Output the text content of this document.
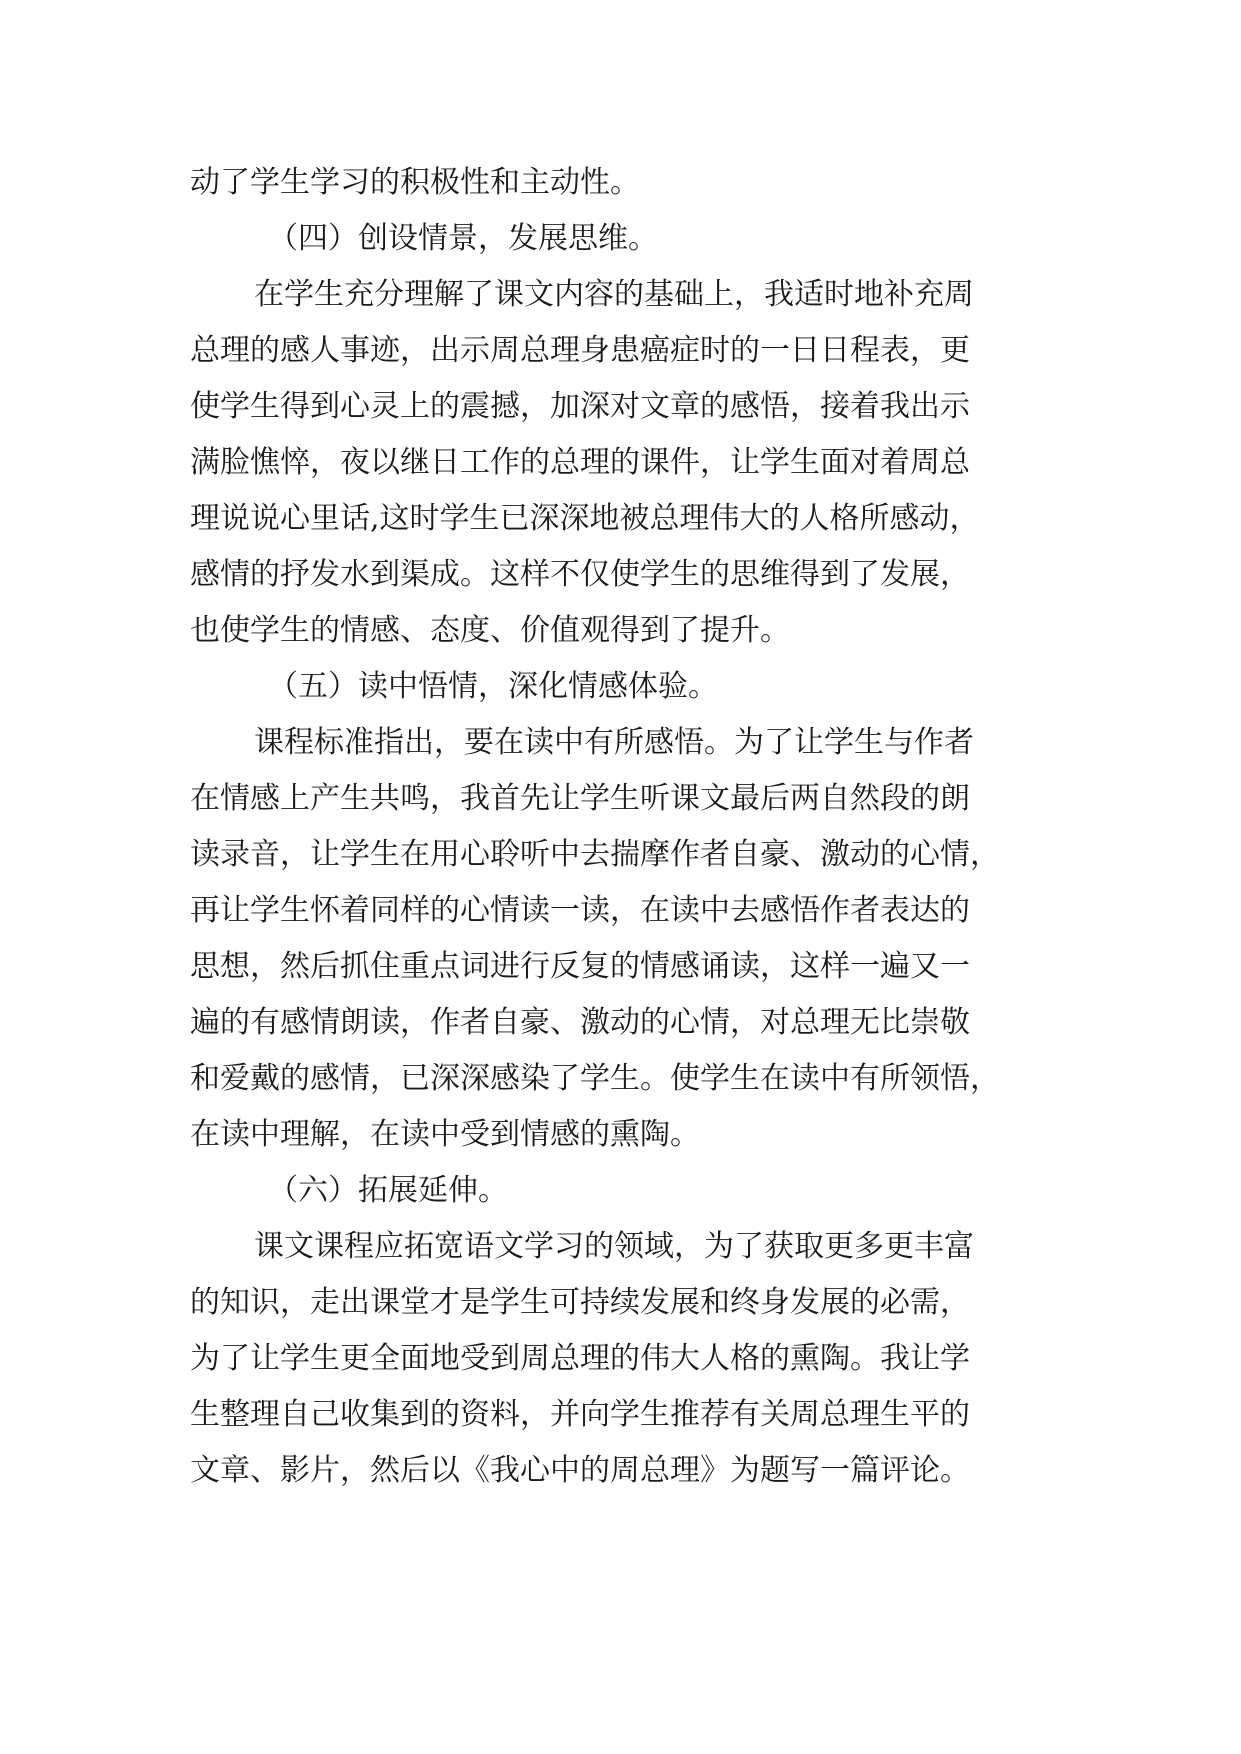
动了学生学习的积极性和主动性。
（四）创设情景，发展思维。
在学生充分理解了课文内容的基础上，我适时地补充周
总理的感人事迹，出示周总理身患癌症时的一日日程表，更
使学生得到心灵上的震撼，加深对文章的感悟，接着我出示
满脸憔悴，夜以继日工作的总理的课件，让学生面对着周总
理说说心里话,这时学生已深深地被总理伟大的人格所感动，
感情的抒发水到渠成。这样不仅使学生的思维得到了发展，
也使学生的情感、态度、价值观得到了提升。
（五）读中悟情，深化情感体验。
课程标准指出，要在读中有所感悟。为了让学生与作者
在情感上产生共鸣，我首先让学生听课文最后两自然段的朗
读录音，让学生在用心聆听中去揣摩作者自豪、激动的心情，
再让学生怀着同样的心情读一读，在读中去感悟作者表达的
思想，然后抓住重点词进行反复的情感诵读，这样一遍又一
遍的有感情朗读，作者自豪、激动的心情，对总理无比崇敬
和爱戴的感情，已深深感染了学生。使学生在读中有所领悟，
在读中理解，在读中受到情感的熏陶。
（六）拓展延伸。
课文课程应拓宽语文学习的领域，为了获取更多更丰富
的知识，走出课堂才是学生可持续发展和终身发展的必需，
为了让学生更全面地受到周总理的伟大人格的熏陶。我让学
生整理自己收集到的资料，并向学生推荐有关周总理生平的
文章、影片，然后以《我心中的周总理》为题写一篇评论。
